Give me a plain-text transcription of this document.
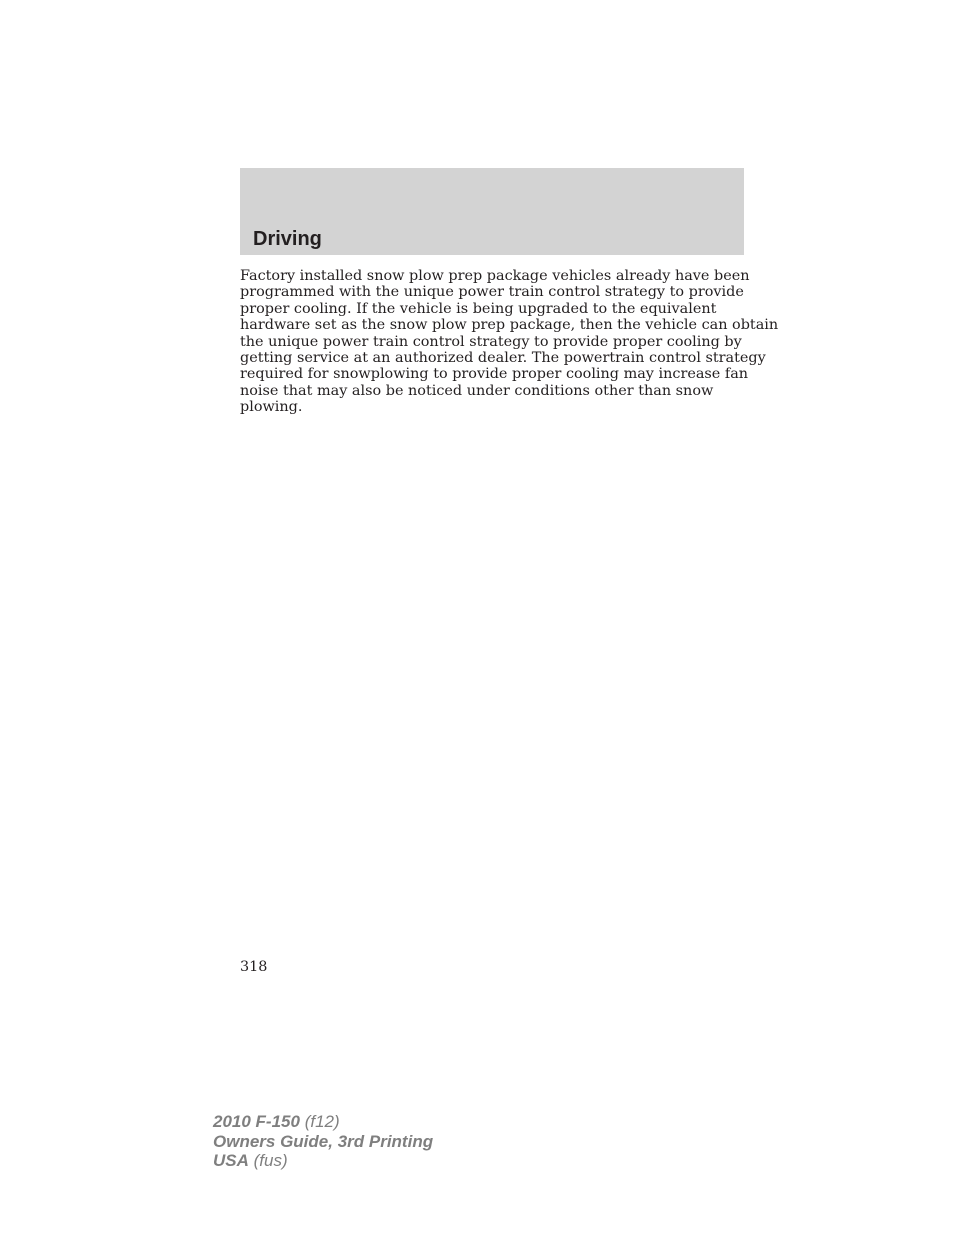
Driving

Factory installed snow plow prep package vehicles already have been
programmed with the unique power train control strategy to provide
proper cooling. If the vehicle is being upgraded to the equivalent
hardware set as the snow plow prep package, then the vehicle can obtain
the unique power train control strategy to provide proper cooling by
getting service at an authorized dealer. The powertrain control strategy
required for snowplowing to provide proper cooling may increase fan
noise that may also be noticed under conditions other than snow
plowing.

318

2010 F-150 (f12)
Owners Guide, 3rd Printing
USA (fus)
